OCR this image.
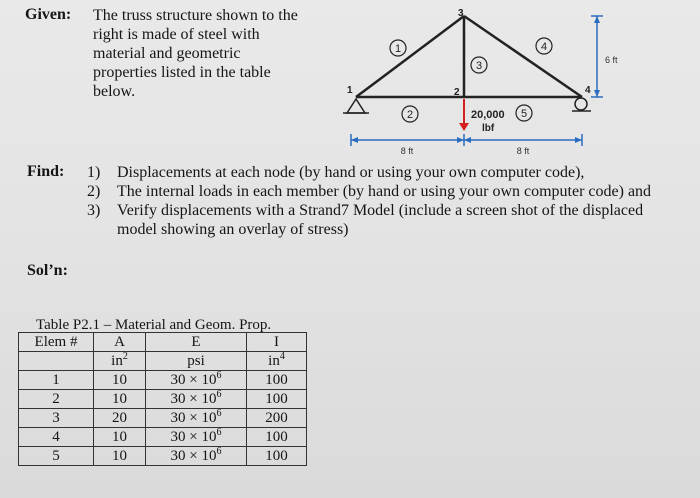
Given: The truss structure shown to the
right is made of steel with
material and geometric
properties listed in the table
below.	1	2
3
4
1
2
3
4
5
20,000
lbf
6 ft
8 ft	8 ft
Find: 1) Displacements at each node (by hand or using your own computer code),
2) The internal loads in each member (by hand or using your own computer code) and
3) Verify displacements with a Strand7 Model (include a screen shot of the displaced model showing an overlay of stress)
Sol’n:
Table P2.1 – Material and Geom. Prop.
Elem #	A	E	I
	$in^2$	psi	$in^4$
1	10	$30 \times 10^6$	100
2	10	$30 \times 10^6$	100
3	20	$30 \times 10^6$	200
4	10	$30 \times 10^6$	100
5	10	$30 \times 10^6$	100
